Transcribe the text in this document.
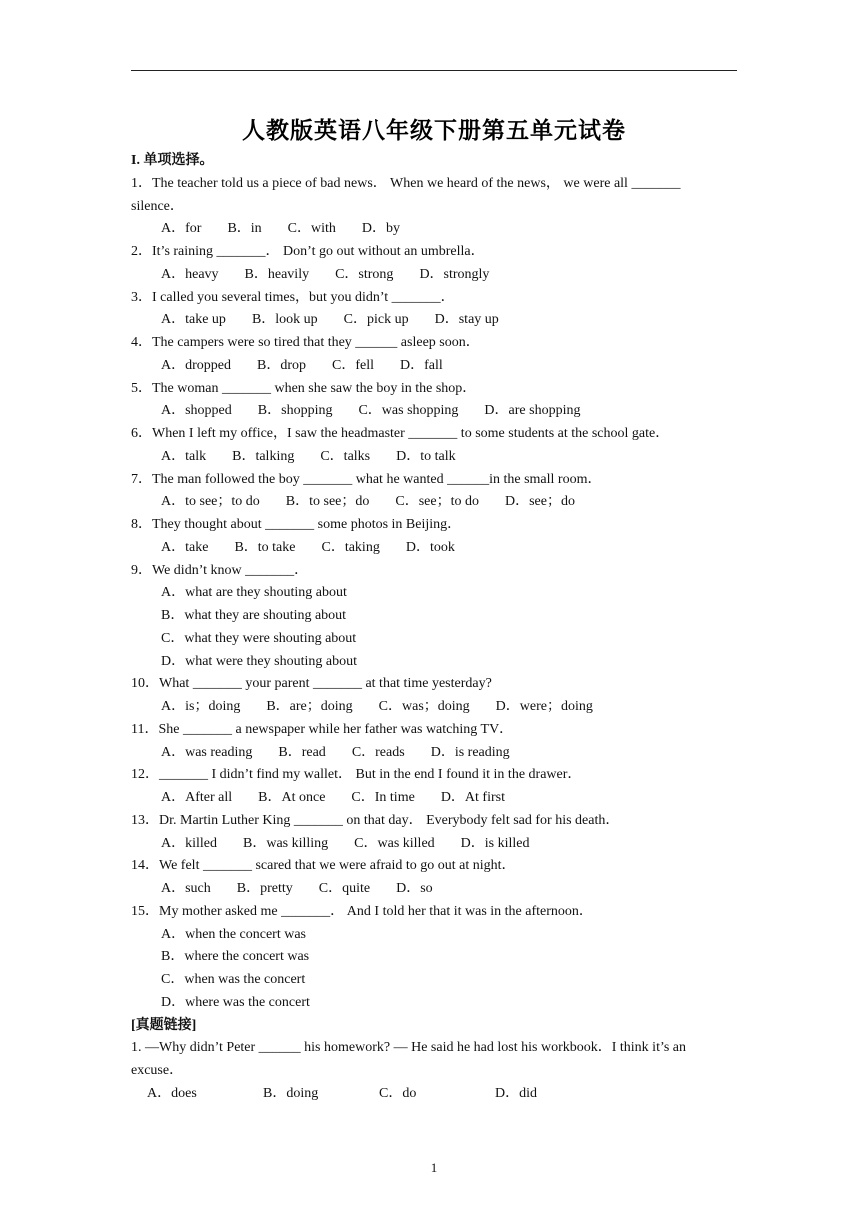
人教版英语八年级下册第五单元试卷
I. 单项选择。
1．The teacher told us a piece of bad news． When we heard of the news， we were all _______
silence．
A．for B．in C．with D．by
2．It’s raining _______． Don’t go out without an umbrella．
A．heavy B．heavily C．strong D．strongly
3．I called you several times，but you didn’t _______．
A．take up B．look up C．pick up D．stay up
4．The campers were so tired that they ______ asleep soon．
A．dropped B．drop C．fell D．fall
5．The woman _______ when she saw the boy in the shop．
A．shopped B．shopping C．was shopping D．are shopping
6．When I left my office，I saw the headmaster _______ to some students at the school gate．
A．talk B．talking C．talks D．to talk
7．The man followed the boy _______ what he wanted ______in the small room．
A．to see；to do B．to see；do C．see；to do D．see；do
8．They thought about _______ some photos in Beijing．
A．take B．to take C．taking D．took
9．We didn’t know _______．
A．what are they shouting about
B．what they are shouting about
C．what they were shouting about
D．what were they shouting about
10．What _______ your parent _______ at that time yesterday?
A．is；doing B．are；doing C．was；doing D．were；doing
11．She _______ a newspaper while her father was watching TV．
A．was reading B．read C．reads D．is reading
12．_______ I didn’t find my wallet． But in the end I found it in the drawer．
A．After all B．At once C．In time D．At first
13．Dr. Martin Luther King _______ on that day． Everybody felt sad for his death．
A．killed B．was killing C．was killed D．is killed
14．We felt _______ scared that we were afraid to go out at night．
A．such B．pretty C．quite D．so
15．My mother asked me _______． And I told her that it was in the afternoon．
A．when the concert was
B．where the concert was
C．when was the concert
D．where was the concert
[真题链接]
1. —Why didn’t Peter ______ his homework? — He said he had lost his workbook．I think it’s an
excuse．
A．does	B．doing	C．do	D．did
1
